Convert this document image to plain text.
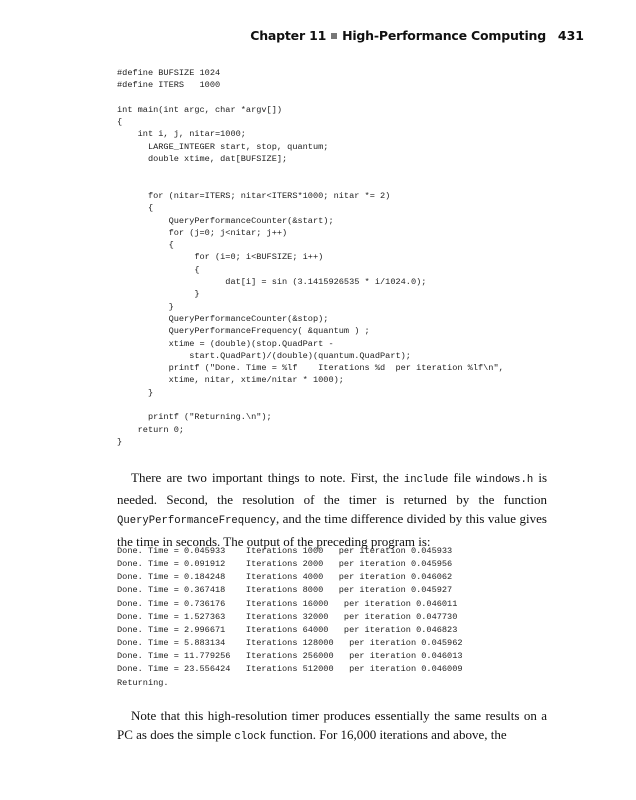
Chapter 11 High-Performance Computing 431
#define BUFSIZE 1024
#define ITERS   1000

int main(int argc, char *argv[])
{
int i, j, nitar=1000;
LARGE_INTEGER start, stop, quantum;
double xtime, dat[BUFSIZE];

for (nitar=ITERS; nitar<ITERS*1000; nitar *= 2)
{
QueryPerformanceCounter(&start);
for (j=0; j<nitar; j++)
{
for (i=0; i<BUFSIZE; i++)
{
dat[i] = sin (3.1415926535 * i/1024.0);
}
}
QueryPerformanceCounter(&stop);
QueryPerformanceFrequency( &quantum ) ;
xtime = (double)(stop.QuadPart -
start.QuadPart)/(double)(quantum.QuadPart);
printf ("Done. Time = %lf    Iterations %d  per iteration %lf\n",
xtime, nitar, xtime/nitar * 1000);
}

printf ("Returning.\n");
return 0;
}

There are two important things to note. First, the include file windows.h is needed. Second, the resolution of the timer is returned by the function QueryPerformanceFrequency, and the time difference divided by this value gives the time in seconds. The output of the preceding program is:

Done. Time = 0.045933    Iterations 1000   per iteration 0.045933
Done. Time = 0.091912    Iterations 2000   per iteration 0.045956
Done. Time = 0.184248    Iterations 4000   per iteration 0.046062
Done. Time = 0.367418    Iterations 8000   per iteration 0.045927
Done. Time = 0.736176    Iterations 16000   per iteration 0.046011
Done. Time = 1.527363    Iterations 32000   per iteration 0.047730
Done. Time = 2.996671    Iterations 64000   per iteration 0.046823
Done. Time = 5.883134    Iterations 128000   per iteration 0.045962
Done. Time = 11.779256   Iterations 256000   per iteration 0.046013
Done. Time = 23.556424   Iterations 512000   per iteration 0.046009
Returning.

Note that this high-resolution timer produces essentially the same results on a PC as does the simple clock function. For 16,000 iterations and above, the
